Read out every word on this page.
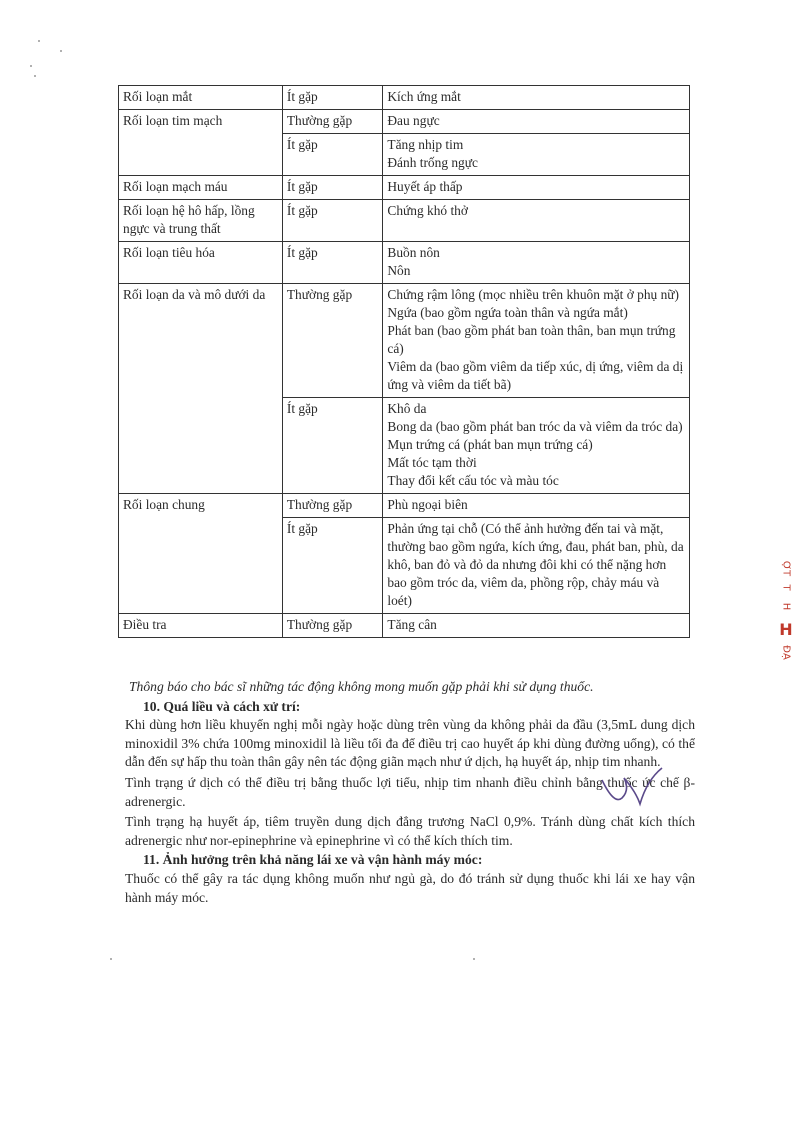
Rối loạn mắt	Ít gặp	Kích ứng mắt

Rối loạn tim mạch	Thường gặp	Đau ngực

	Ít gặp	Tăng nhịp tim
Đánh trống ngực

Rối loạn mạch máu	Ít gặp	Huyết áp thấp

Rối loạn hệ hô hấp, lồng ngực và trung thất	Ít gặp	Chứng khó thở

Rối loạn tiêu hóa	Ít gặp	Buồn nôn
Nôn

Rối loạn da và mô dưới da	Thường gặp	Chứng rậm lông (mọc nhiều trên khuôn mặt ở phụ nữ)
Ngứa (bao gồm ngứa toàn thân và ngứa mắt)
Phát ban (bao gồm phát ban toàn thân, ban mụn trứng cá)
Viêm da (bao gồm viêm da tiếp xúc, dị ứng, viêm da dị ứng và viêm da tiết bã)

	Ít gặp	Khô da
Bong da (bao gồm phát ban tróc da và viêm da tróc da)
Mụn trứng cá (phát ban mụn trứng cá)
Mất tóc tạm thời
Thay đổi kết cấu tóc và màu tóc

Rối loạn chung	Thường gặp	Phù ngoại biên

	Ít gặp	Phản ứng tại chỗ (Có thể ảnh hưởng đến tai và mặt, thường bao gồm ngứa, kích ứng, đau, phát ban, phù, da khô, ban đỏ và đỏ da nhưng đôi khi có thể nặng hơn bao gồm tróc da, viêm da, phồng rộp, chảy máu và loét)

Điều tra	Thường gặp	Tăng cân
Thông báo cho bác sĩ những tác động không mong muốn gặp phải khi sử dụng thuốc.
10. Quá liều và cách xử trí:
Khi dùng hơn liều khuyến nghị mỗi ngày hoặc dùng trên vùng da không phải da đầu (3,5mL dung dịch minoxidil 3% chứa 100mg minoxidil là liều tối đa để điều trị cao huyết áp khi dùng đường uống), có thể dẫn đến sự hấp thu toàn thân gây nên tác động giãn mạch như ứ dịch, hạ huyết áp, nhịp tim nhanh.
Tình trạng ứ dịch có thể điều trị bằng thuốc lợi tiểu, nhịp tim nhanh điều chỉnh bằng thuốc ức chế β-adrenergic.
Tình trạng hạ huyết áp, tiêm truyền dung dịch đẳng trương NaCl 0,9%. Tránh dùng chất kích thích adrenergic như nor-epinephrine và epinephrine vì có thể kích thích tim.
11. Ảnh hưởng trên khả năng lái xe và vận hành máy móc:
Thuốc có thể gây ra tác dụng không muốn như ngủ gà, do đó tránh sử dụng thuốc khi lái xe hay vận hành máy móc.
ỢT
T
H
H
ĐẠ
